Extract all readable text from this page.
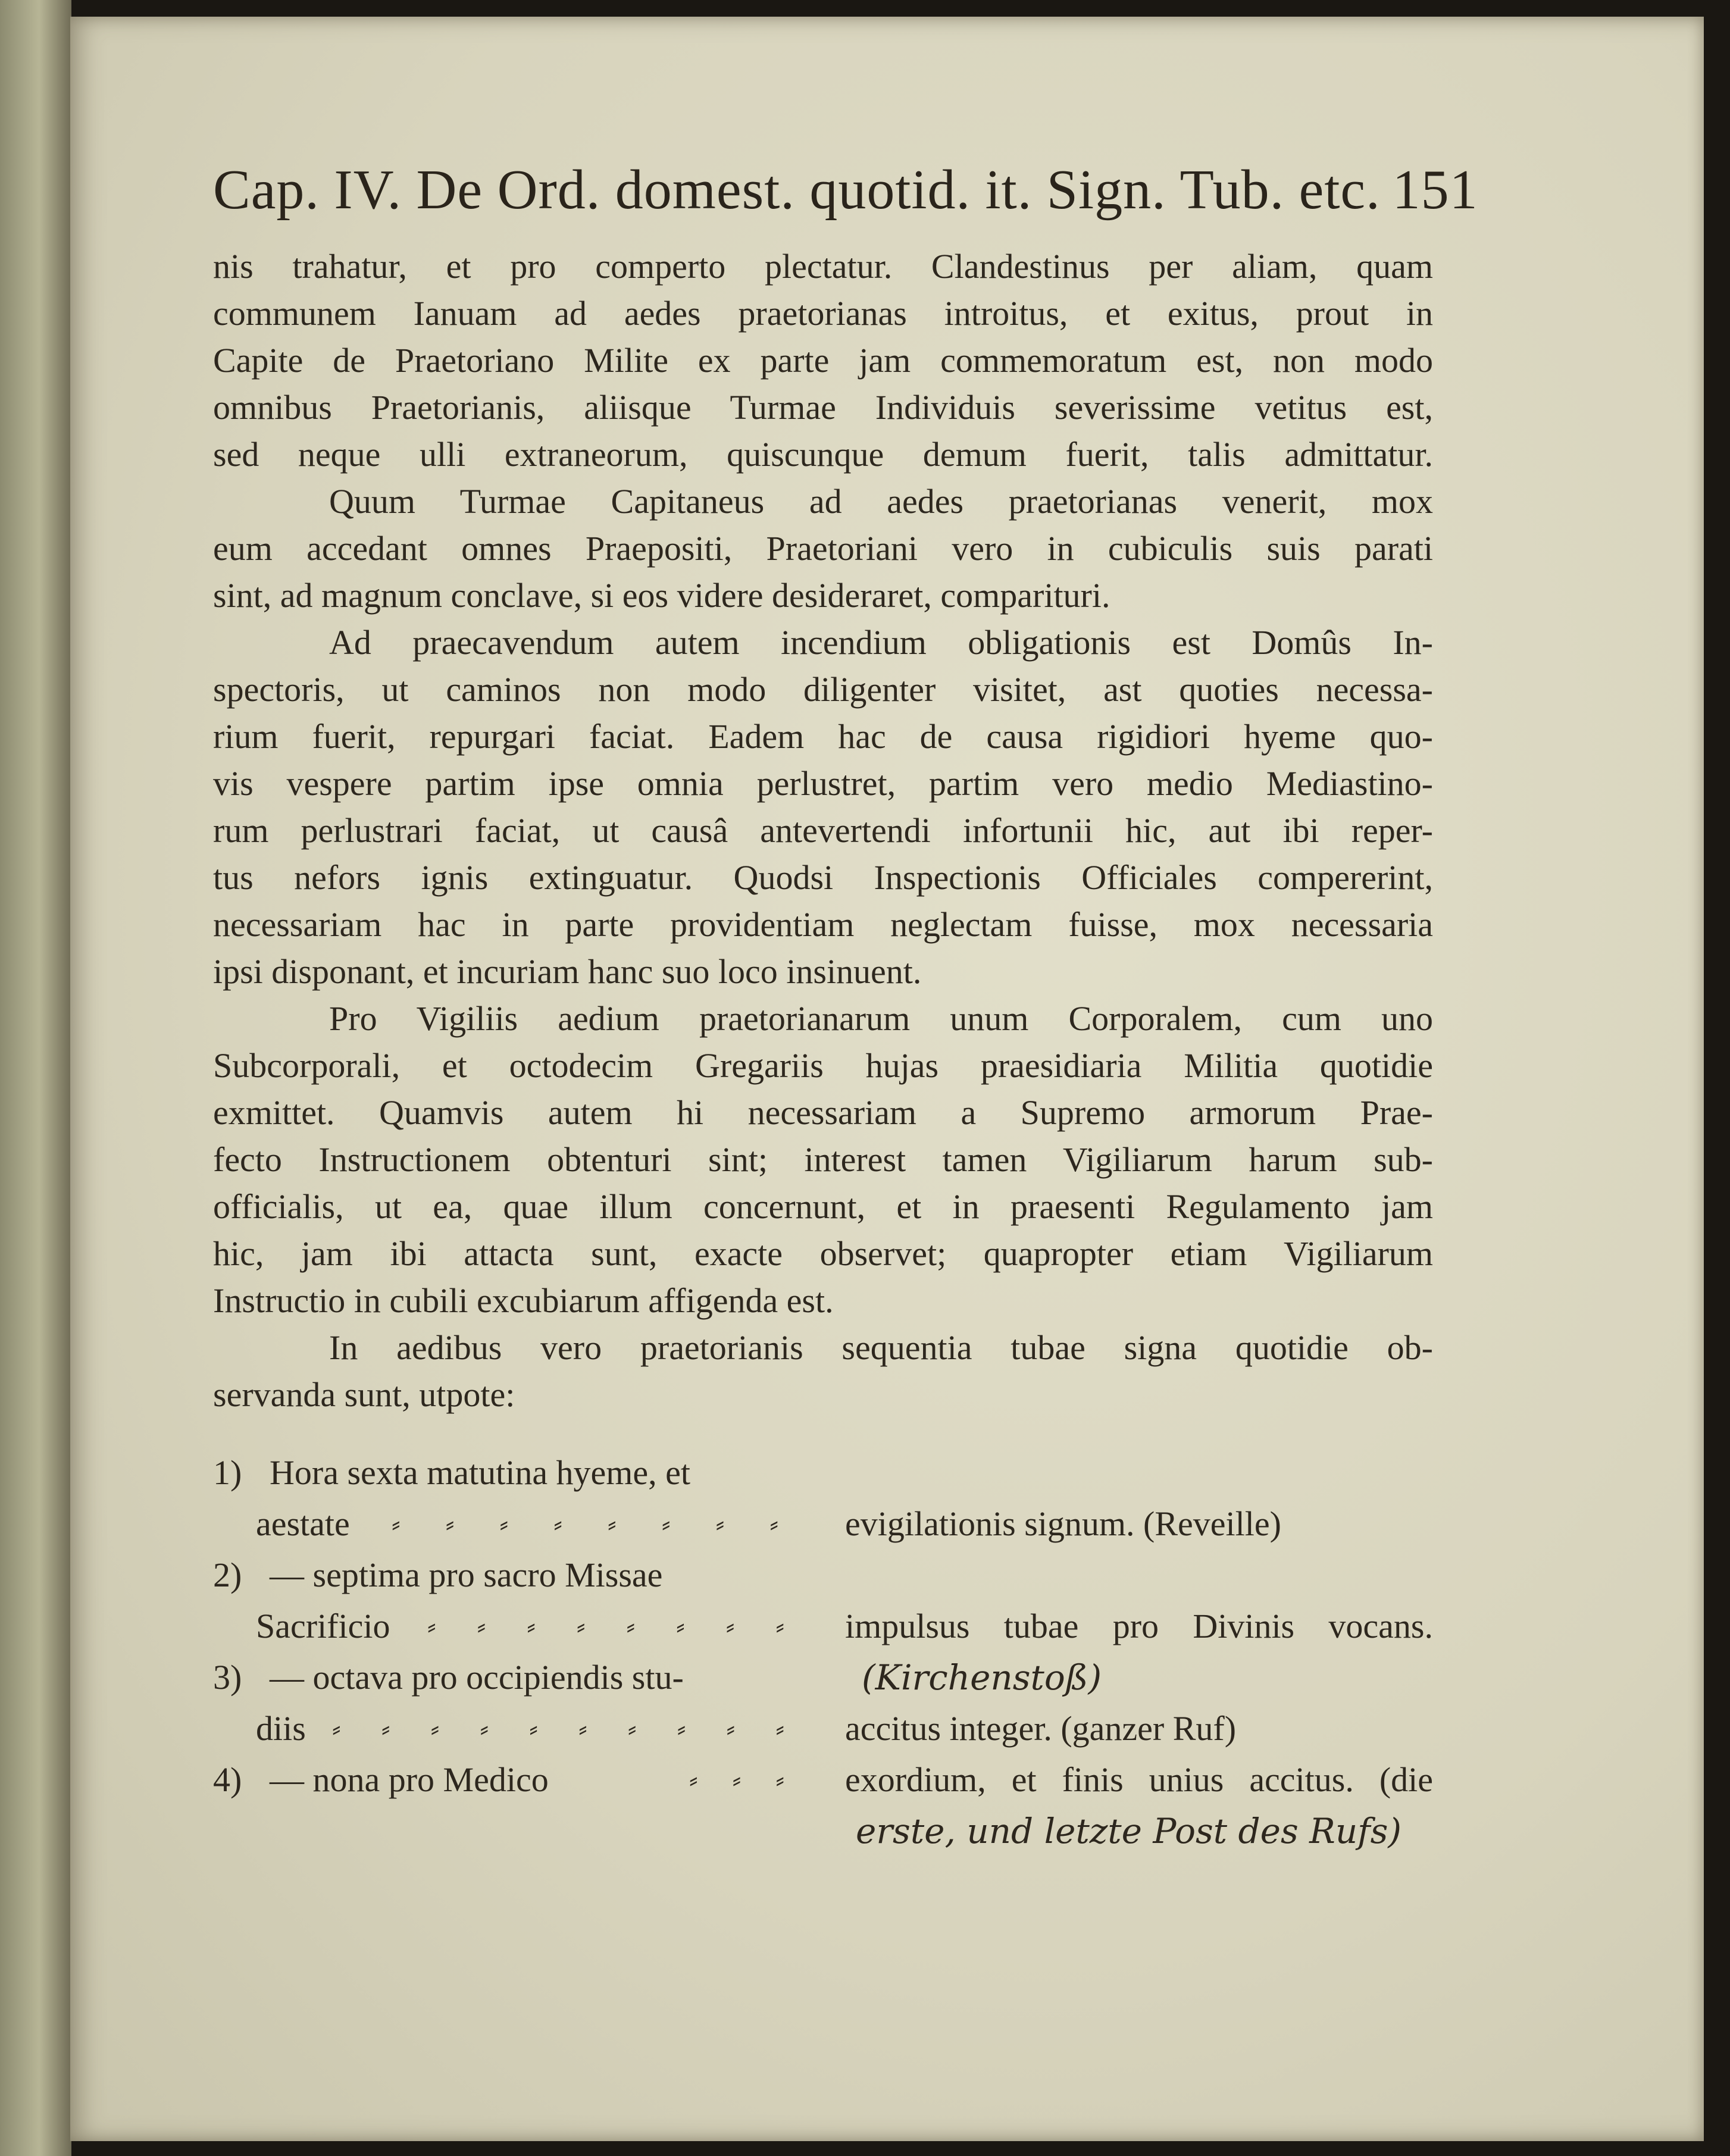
Cap. IV. De Ord. domest. quotid. it. Sign. Tub. etc. 151
nis trahatur, et pro comperto plectatur. Clandestinus per aliam, quam
communem Ianuam ad aedes praetorianas introitus, et exitus, prout in
Capite de Praetoriano Milite ex parte jam commemoratum est, non modo
omnibus Praetorianis, aliisque Turmae Individuis severissime vetitus est,
sed neque ulli extraneorum, quiscunque demum fuerit, talis admittatur.
Quum Turmae Capitaneus ad aedes praetorianas venerit, mox
eum accedant omnes Praepositi, Praetoriani vero in cubiculis suis parati
sint, ad magnum conclave, si eos videre desideraret, comparituri.
Ad praecavendum autem incendium obligationis est Domûs In-
spectoris, ut caminos non modo diligenter visitet, ast quoties necessa-
rium fuerit, repurgari faciat. Eadem hac de causa rigidiori hyeme quo-
vis vespere partim ipse omnia perlustret, partim vero medio Mediastino-
rum perlustrari faciat, ut causâ antevertendi infortunii hic, aut ibi reper-
tus nefors ignis extinguatur. Quodsi Inspectionis Officiales compererint,
necessariam hac in parte providentiam neglectam fuisse, mox necessaria
ipsi disponant, et incuriam hanc suo loco insinuent.
Pro Vigiliis aedium praetorianarum unum Corporalem, cum uno
Subcorporali, et octodecim Gregariis hujas praesidiaria Militia quotidie
exmittet. Quamvis autem hi necessariam a Supremo armorum Prae-
fecto Instructionem obtenturi sint; interest tamen Vigiliarum harum sub-
officialis, ut ea, quae illum concernunt, et in praesenti Regulamento jam
hic, jam ibi attacta sunt, exacte observet; quapropter etiam Vigiliarum
Instructio in cubili excubiarum affigenda est.
In aedibus vero praetorianis sequentia tubae signa quotidie ob-
servanda sunt, utpote:
1) Hora sexta matutina hyeme, et
aestate ⸗ ⸗ ⸗ ⸗ ⸗ ⸗ ⸗ ⸗ evigilationis signum. (Reveille)
2) — septima pro sacro Missae
Sacrificio ⸗ ⸗ ⸗ ⸗ ⸗ ⸗ ⸗ ⸗ impulsus tubae pro Divinis vocans.
3) — octava pro occipiendis stu-	(Kirchenstoß)
diis ⸗ ⸗ ⸗ ⸗ ⸗ ⸗ ⸗ ⸗ ⸗ ⸗ accitus integer. (ganzer Ruf)
4) — nona pro Medico	⸗ ⸗ ⸗ exordium, et finis unius accitus. (die
erste, und letzte Post des Rufs)
